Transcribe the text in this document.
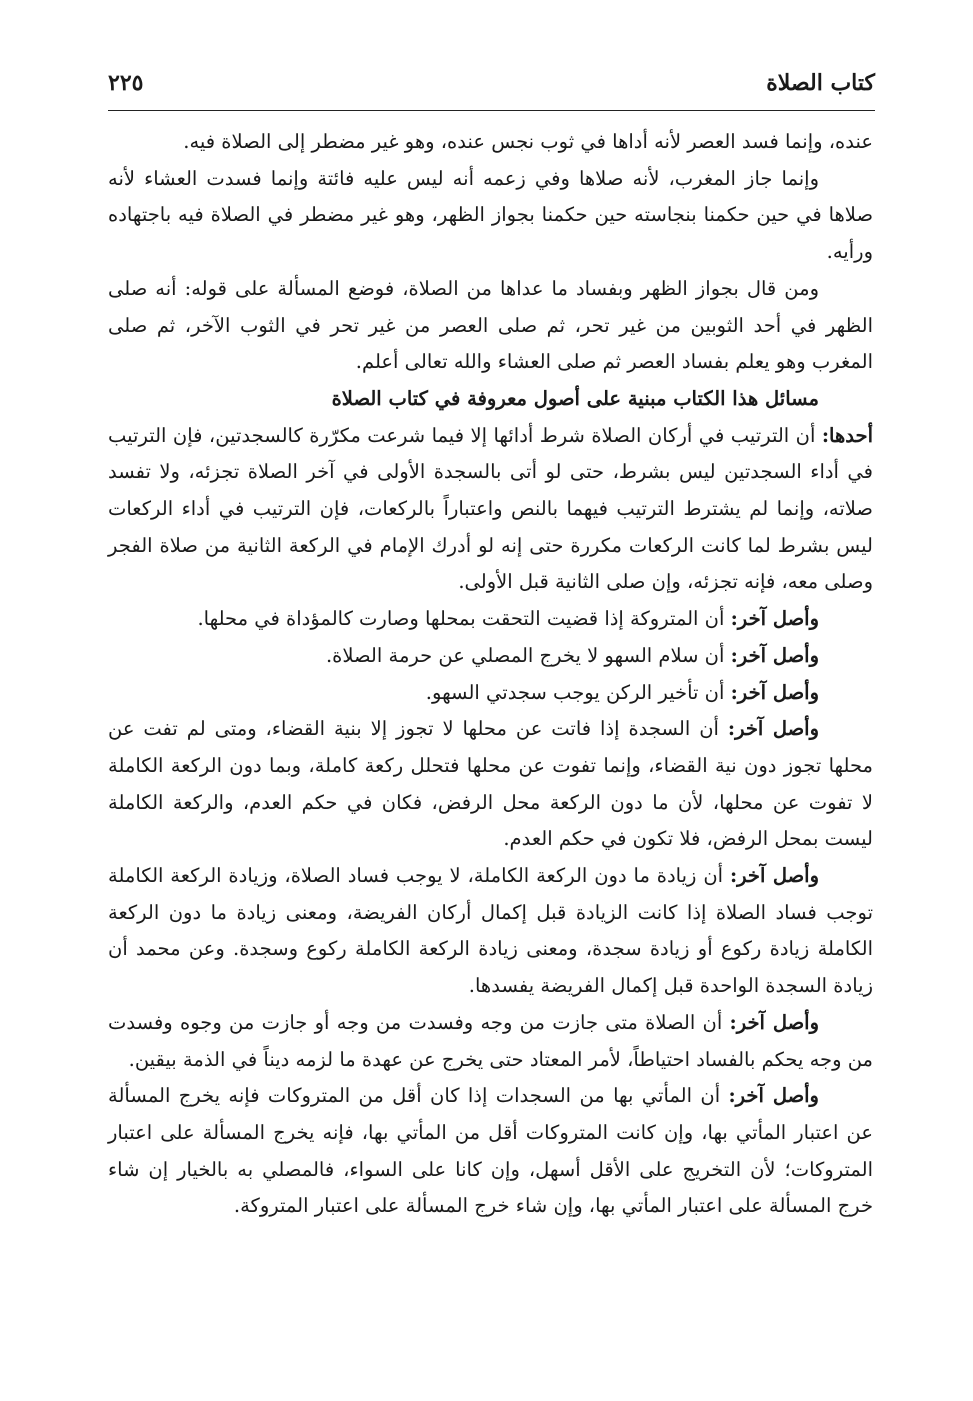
كتاب الصلاة
٢٢٥

عنده، وإنما فسد العصر لأنه أداها في ثوب نجس عنده، وهو غير مضطر إلى الصلاة فيه.

وإنما جاز المغرب، لأنه صلاها وفي زعمه أنه ليس عليه فائتة وإنما فسدت العشاء لأنه صلاها في حين حكمنا بنجاسته حين حكمنا بجواز الظهر، وهو غير مضطر في الصلاة فيه باجتهاده ورأيه.

ومن قال بجواز الظهر وبفساد ما عداها من الصلاة، فوضع المسألة على قوله: أنه صلى الظهر في أحد الثوبين من غير تحر، ثم صلى العصر من غير تحر في الثوب الآخر، ثم صلى المغرب وهو يعلم بفساد العصر ثم صلى العشاء والله تعالى أعلم.

مسائل هذا الكتاب مبنية على أصول معروفة في كتاب الصلاة

أحدها: أن الترتيب في أركان الصلاة شرط أدائها إلا فيما شرعت مكرّرة كالسجدتين، فإن الترتيب في أداء السجدتين ليس بشرط، حتى لو أتى بالسجدة الأولى في آخر الصلاة تجزئه، ولا تفسد صلاته، وإنما لم يشترط الترتيب فيهما بالنص واعتباراً بالركعات، فإن الترتيب في أداء الركعات ليس بشرط لما كانت الركعات مكررة حتى إنه لو أدرك الإمام في الركعة الثانية من صلاة الفجر وصلى معه، فإنه تجزئه، وإن صلى الثانية قبل الأولى.

وأصل آخر: أن المتروكة إذا قضيت التحقت بمحلها وصارت كالمؤداة في محلها.

وأصل آخر: أن سلام السهو لا يخرج المصلي عن حرمة الصلاة.

وأصل آخر: أن تأخير الركن يوجب سجدتي السهو.

وأصل آخر: أن السجدة إذا فاتت عن محلها لا تجوز إلا بنية القضاء، ومتى لم تفت عن محلها تجوز دون نية القضاء، وإنما تفوت عن محلها فتحلل ركعة كاملة، وبما دون الركعة الكاملة لا تفوت عن محلها، لأن ما دون الركعة محل الرفض، فكان في حكم العدم، والركعة الكاملة ليست بمحل الرفض، فلا تكون في حكم العدم.

وأصل آخر: أن زيادة ما دون الركعة الكاملة، لا يوجب فساد الصلاة، وزيادة الركعة الكاملة توجب فساد الصلاة إذا كانت الزيادة قبل إكمال أركان الفريضة، ومعنى زيادة ما دون الركعة الكاملة زيادة ركوع أو زيادة سجدة، ومعنى زيادة الركعة الكاملة ركوع وسجدة. وعن محمد أن زيادة السجدة الواحدة قبل إكمال الفريضة يفسدها.

وأصل آخر: أن الصلاة متى جازت من وجه وفسدت من وجه أو جازت من وجوه وفسدت من وجه يحكم بالفساد احتياطاً، لأمر المعتاد حتى يخرج عن عهدة ما لزمه ديناً في الذمة بيقين.

وأصل آخر: أن المأتي بها من السجدات إذا كان أقل من المتروكات فإنه يخرج المسألة عن اعتبار المأتي بها، وإن كانت المتروكات أقل من المأتي بها، فإنه يخرج المسألة على اعتبار المتروكات؛ لأن التخريج على الأقل أسهل، وإن كانا على السواء، فالمصلي به بالخيار إن شاء خرج المسألة على اعتبار المأتي بها، وإن شاء خرج المسألة على اعتبار المتروكة.
